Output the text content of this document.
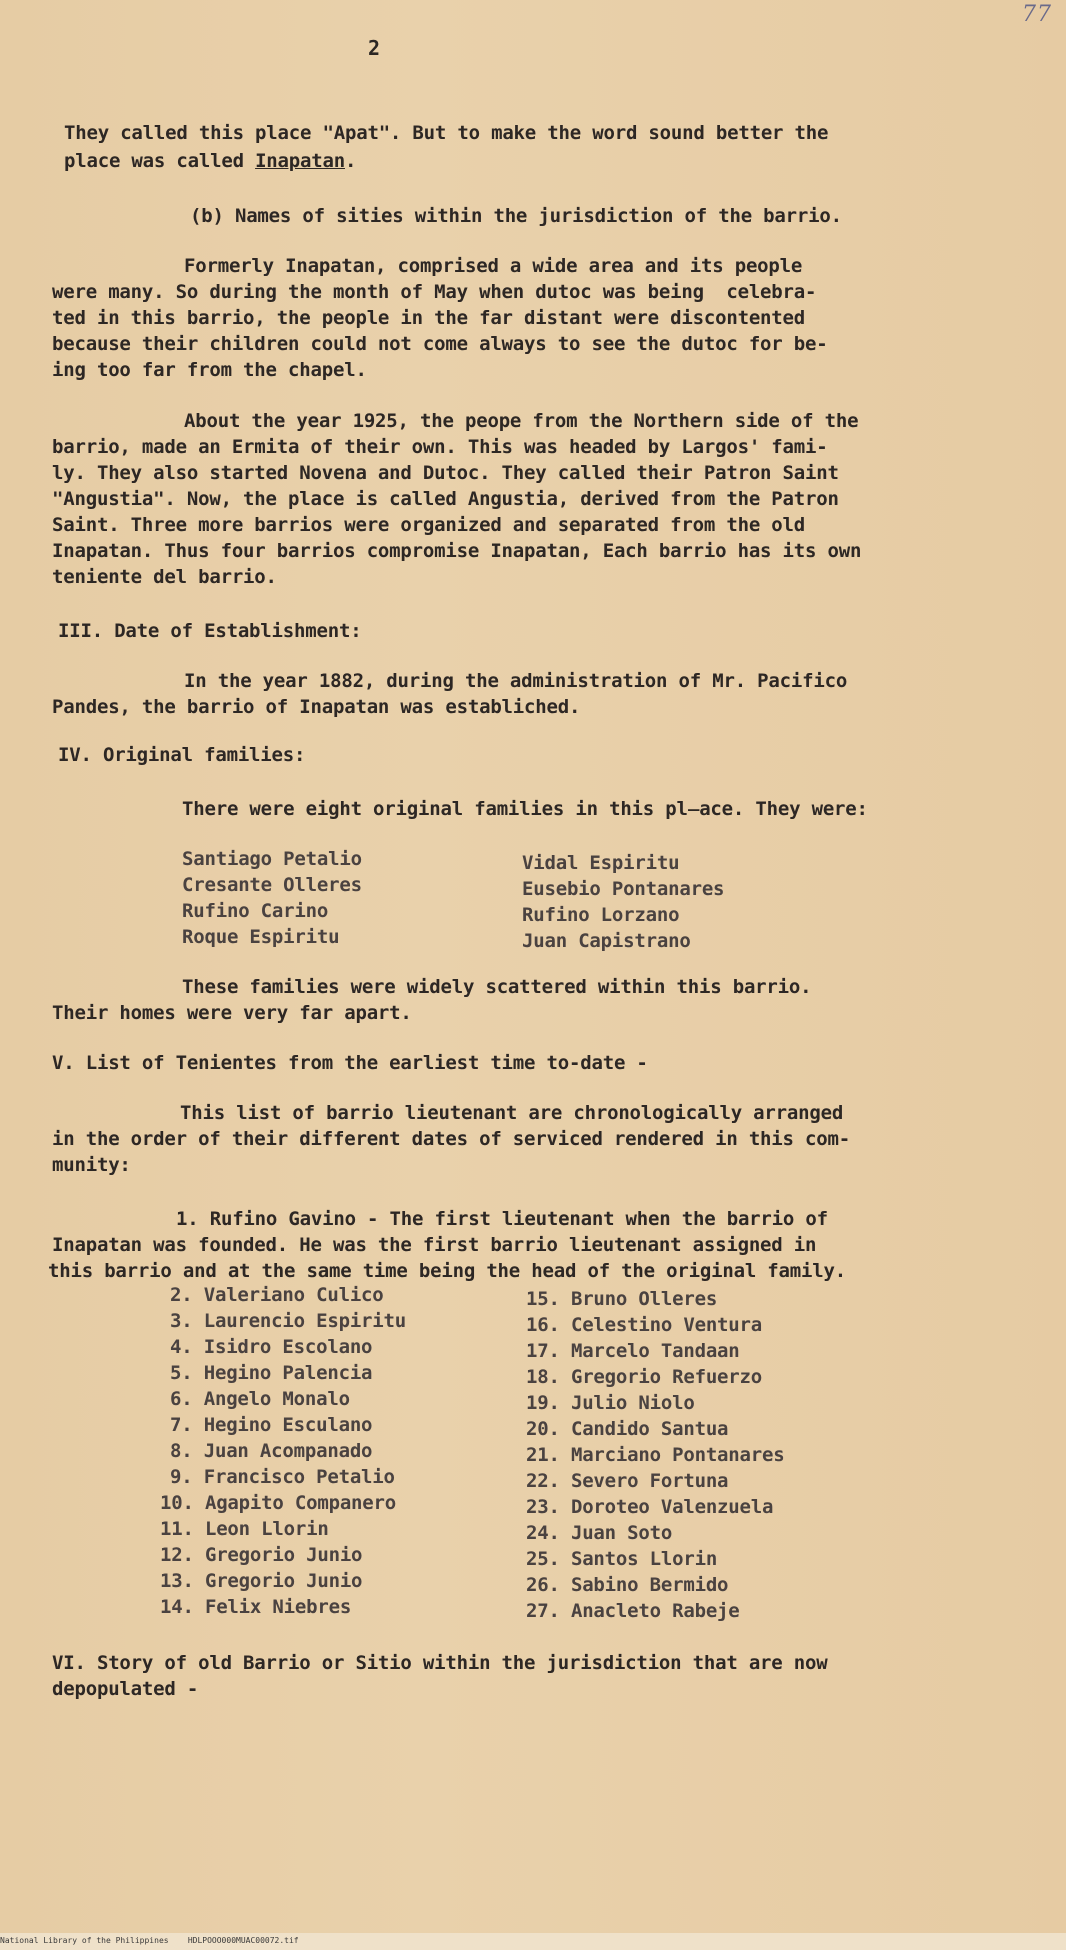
77
2
They called this place "Apat". But to make the word sound better the
place was called Inapatan.
(b) Names of sities within the jurisdiction of the barrio.
Formerly Inapatan, comprised a wide area and its people
were many. So during the month of May when dutoc was being  celebra-
ted in this barrio, the people in the far distant were discontented
because their children could not come always to see the dutoc for be-
ing too far from the chapel.
About the year 1925, the peope from the Northern side of the
barrio, made an Ermita of their own. This was headed by Largos' fami-
ly. They also started Novena and Dutoc. They called their Patron Saint
"Angustia". Now, the place is called Angustia, derived from the Patron
Saint. Three more barrios were organized and separated from the old
Inapatan. Thus four barrios compromise Inapatan, Each barrio has its own
teniente del barrio.
III. Date of Establishment:
In the year 1882, during the administration of Mr. Pacifico
Pandes, the barrio of Inapatan was establiched.
IV. Original families:
There were eight original families in this pl̶ace. They were:
Santiago Petalio
Cresante Olleres
Rufino Carino
Roque Espiritu
Vidal Espiritu
Eusebio Pontanares
Rufino Lorzano
Juan Capistrano
These families were widely scattered within this barrio.
Their homes were very far apart.
V. List of Tenientes from the earliest time to-date -
This list of barrio lieutenant are chronologically arranged
in the order of their different dates of serviced rendered in this com-
munity:
1. Rufino Gavino - The first lieutenant when the barrio of
Inapatan was founded. He was the first barrio lieutenant assigned in
this barrio and at the same time being the head of the original family.
2. Valeriano Culico
3. Laurencio Espiritu
4. Isidro Escolano
5. Hegino Palencia
6. Angelo Monalo
7. Hegino Esculano
8. Juan Acompanado
9. Francisco Petalio
10. Agapito Companero
11. Leon Llorin
12. Gregorio Junio
13. Gregorio Junio
14. Felix Niebres
15. Bruno Olleres
16. Celestino Ventura
17. Marcelo Tandaan
18. Gregorio Refuerzo
19. Julio Niolo
20. Candido Santua
21. Marciano Pontanares
22. Severo Fortuna
23. Doroteo Valenzuela
24. Juan Soto
25. Santos Llorin
26. Sabino Bermido
27. Anacleto Rabeje
VI. Story of old Barrio or Sitio within the jurisdiction that are now
depopulated -
National Library of the Philippines    HDLPOOO000MUAC00072.tif
